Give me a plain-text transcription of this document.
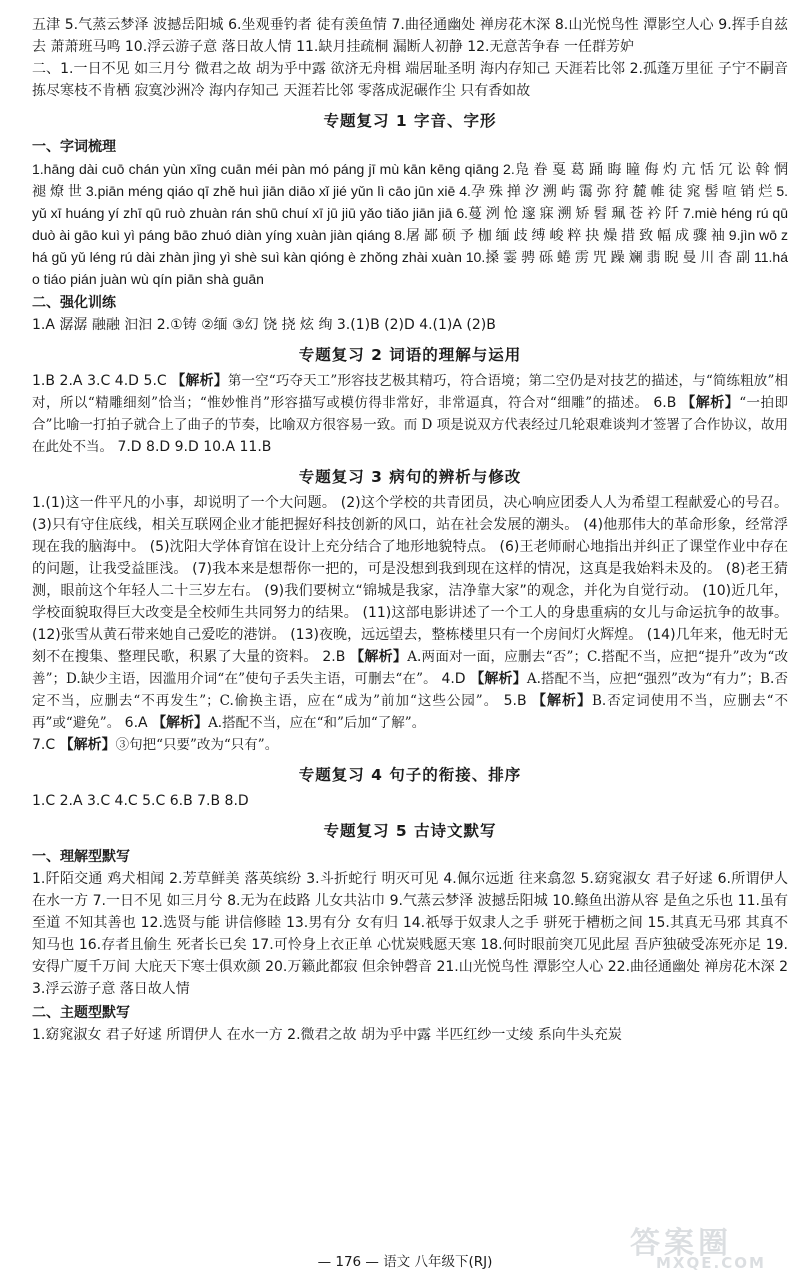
五津 5.气蒸云梦泽 波撼岳阳城 6.坐观垂钓者 徒有羡鱼情 7.曲径通幽处 禅房花木深 8.山光悦鸟性 潭影空人心 9.挥手自兹去 萧萧班马鸣 10.浮云游子意 落日故人情 11.缺月挂疏桐 漏断人初静 12.无意苦争春 一任群芳妒

二、1.一日不见 如三月兮 微君之故 胡为乎中露 欲济无舟楫 端居耻圣明 海内存知己 天涯若比邻 2.孤蓬万里征 子宁不嗣音 拣尽寒枝不肯栖 寂寞沙洲冷 海内存知己 天涯若比邻 零落成泥碾作尘 只有香如故

专题复习 1 字音、字形
一、字词梳理

1.hāng dài cuō chán yùn xīng cuān méi pàn mó páng jī mù kān kēng qiāng 2.凫 眷 戛 葛 踊 晦 瞳 侮 灼 亢 恬 冗 讼 斡 惘 褪 燎 世 3.piān méng qiáo qī zhě huì jiān diāo xǐ jié yǔn lì cāo jūn xiē 4.孕 殊 掸 汐 溯 屿 霭 弥 狩 麓 帷 徒 窕 髻 喧 销 烂 5.yǔ xī huáng yí zhī qū ruò zhuàn rán shū chuí xī jū jiū yǎo tiǎo jiān jiā 6.蔓 洌 怆 邃 寐 溯 矫 髫 珮 苍 衿 阡 7.miè héng rú qū duò ài gāo kuì yì páng bāo zhuó diàn yíng xuàn jiàn qiáng 8.屠 鄙 硕 予 枷 缅 歧 缚 峻 粹 抉 燥 措 致 幅 成 骤 袖 9.jìn wō zhá gǔ yǔ léng rú dài zhàn jìng yì shè suì kàn qióng è zhǒng zhài xuàn 10.搡 霎 骋 砾 蜷 雳 咒 躁 斓 翡 睨 曼 川 杳 副 11.háo tiáo pián juàn wù qín piān shà guān

二、强化训练

1.A 潺潺 融融 汩汩 2.①铸 ②缅 ③幻 饶 挠 炫 绚 3.(1)B (2)D 4.(1)A (2)B

专题复习 2 词语的理解与运用

1.B 2.A 3.C 4.D 5.C 【解析】第一空“巧夺天工”形容技艺极其精巧，符合语境；第二空仍是对技艺的描述，与“简练粗放”相对，所以“精雕细刻”恰当；“惟妙惟肖”形容描写或模仿得非常好，非常逼真，符合对“细雕”的描述。 6.B 【解析】“一拍即合”比喻一打拍子就合上了曲子的节奏，比喻双方很容易一致。而 D 项是说双方代表经过几轮艰难谈判才签署了合作协议，故用在此处不当。 7.D 8.D 9.D 10.A 11.B

专题复习 3 病句的辨析与修改

1.(1)这一件平凡的小事，却说明了一个大问题。 (2)这个学校的共青团员，决心响应团委人人为希望工程献爱心的号召。 (3)只有守住底线，相关互联网企业才能把握好科技创新的风口，站在社会发展的潮头。 (4)他那伟大的革命形象，经常浮现在我的脑海中。 (5)沈阳大学体育馆在设计上充分结合了地形地貌特点。 (6)王老师耐心地指出并纠正了课堂作业中存在的问题，让我受益匪浅。 (7)我本来是想帮你一把的，可是没想到我到现在这样的情况，这真是我始料未及的。 (8)老王猜测，眼前这个年轻人二十三岁左右。 (9)我们要树立“锦城是我家，洁净靠大家”的观念，并化为自觉行动。 (10)近几年，学校面貌取得巨大改变是全校师生共同努力的结果。 (11)这部电影讲述了一个工人的身患重病的女儿与命运抗争的故事。 (12)张雪从黄石带来她自己爱吃的港饼。 (13)夜晚，远远望去，整栋楼里只有一个房间灯火辉煌。 (14)几年来，他无时无刻不在搜集、整理民歌，积累了大量的资料。 2.B 【解析】A.两面对一面，应删去“否”；C.搭配不当，应把“提升”改为“改善”；D.缺少主语，因滥用介词“在”使句子丢失主语，可删去“在”。 4.D 【解析】A.搭配不当，应把“强烈”改为“有力”；B.否定不当，应删去“不再发生”；C.偷换主语，应在“成为”前加“这些公园”。 5.B 【解析】B.否定词使用不当，应删去“不再”或“避免”。 6.A 【解析】A.搭配不当，应在“和”后加“了解”。
7.C 【解析】③句把“只要”改为“只有”。

专题复习 4 句子的衔接、排序

1.C 2.A 3.C 4.C 5.C 6.B 7.B 8.D

专题复习 5 古诗文默写
一、理解型默写

1.阡陌交通 鸡犬相闻 2.芳草鲜美 落英缤纷 3.斗折蛇行 明灭可见 4.佩尔远逝 往来翕忽 5.窈窕淑女 君子好逑 6.所谓伊人 在水一方 7.一日不见 如三月兮 8.无为在歧路 儿女共沾巾 9.气蒸云梦泽 波撼岳阳城 10.鲦鱼出游从容 是鱼之乐也 11.虽有至道 不知其善也 12.选贤与能 讲信修睦 13.男有分 女有归 14.祇辱于奴隶人之手 骈死于槽枥之间 15.其真无马邪 其真不知马也 16.存者且偷生 死者长已矣 17.可怜身上衣正单 心忧炭贱愿天寒 18.何时眼前突兀见此屋 吾庐独破受冻死亦足 19.安得广厦千万间 大庇天下寒士俱欢颜 20.万籁此都寂 但余钟磬音 21.山光悦鸟性 潭影空人心 22.曲径通幽处 禅房花木深 23.浮云游子意 落日故人情

二、主题型默写

1.窈窕淑女 君子好逑 所谓伊人 在水一方 2.微君之故 胡为乎中露 半匹红纱一丈绫 系向牛头充炭

— 176 — 语文 八年级下(RJ)
答案圈
MXQE.COM
